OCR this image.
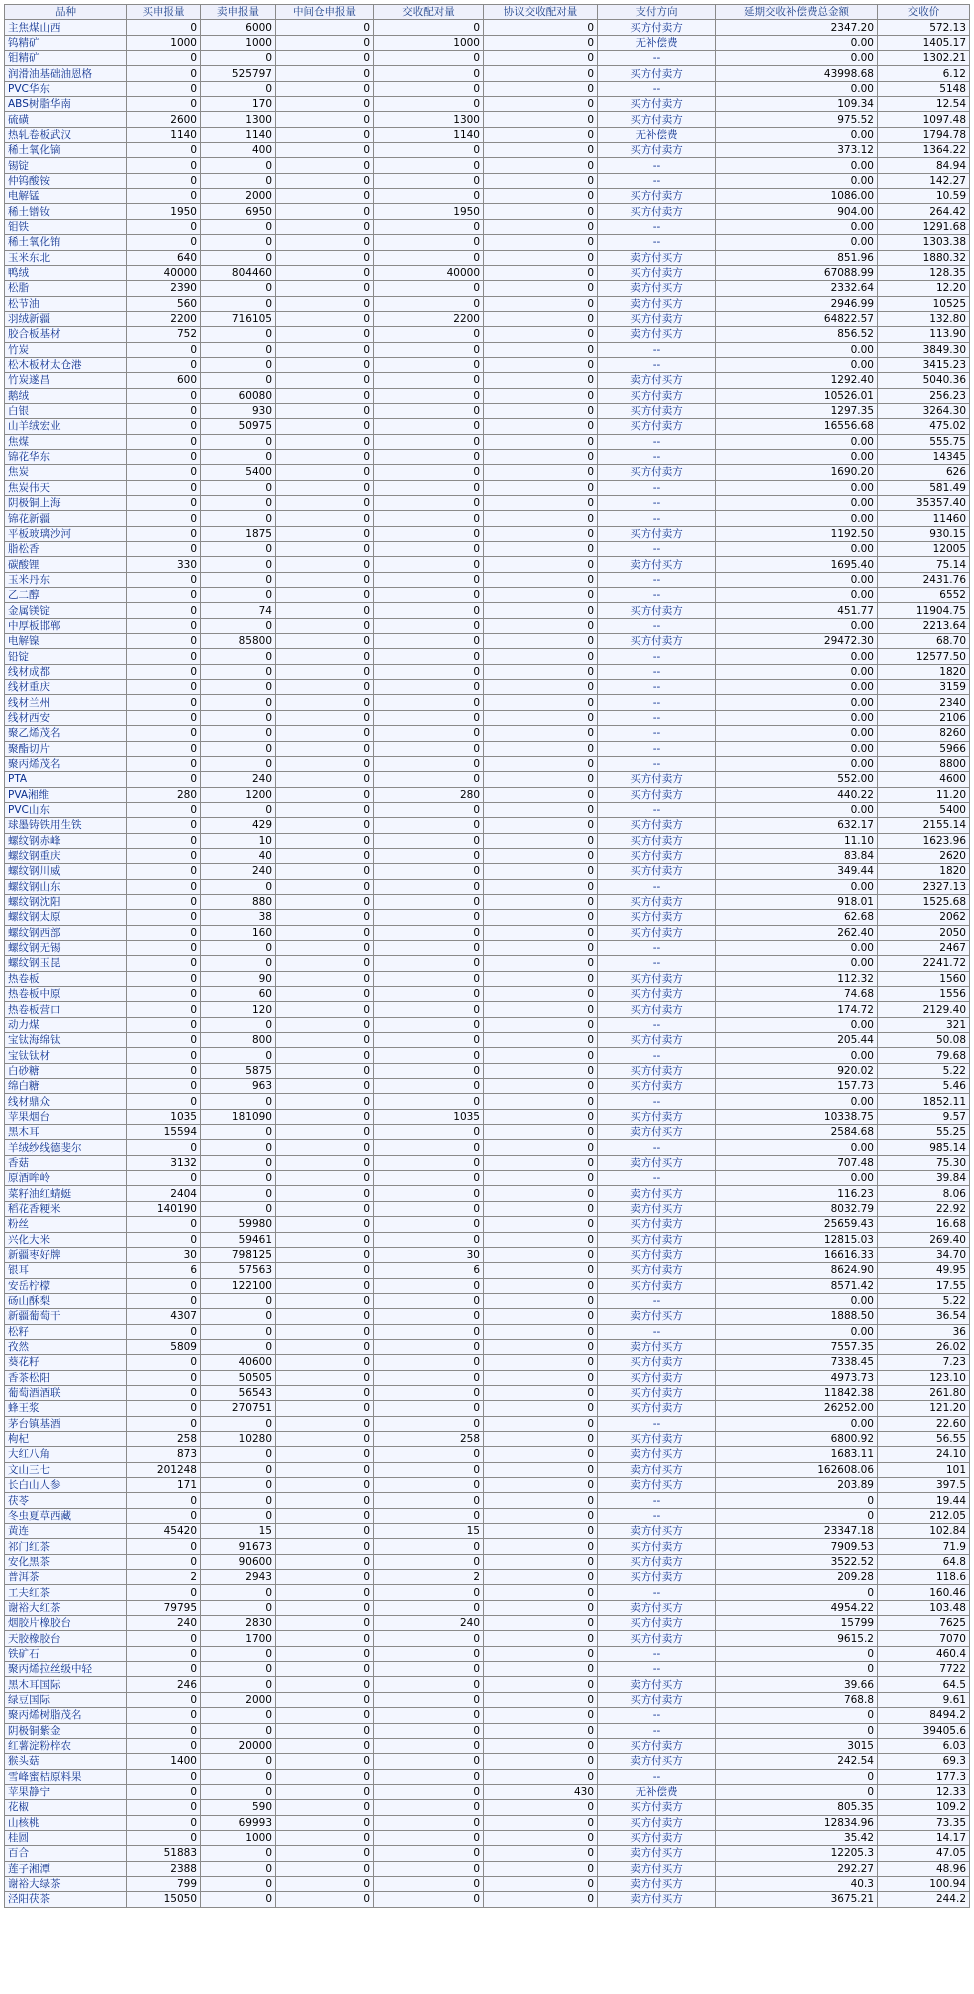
品种	买申报量	卖申报量	中间仓申报量	交收配对量	协议交收配对量	支付方向	延期交收补偿费总金额	交收价
主焦煤山西	0	6000	0	0	0	买方付卖方	2347.20	572.13
钨精矿	1000	1000	0	1000	0	无补偿费	0.00	1405.17
钼精矿	0	0	0	0	0	--	0.00	1302.21
润滑油基础油恩格	0	525797	0	0	0	买方付卖方	43998.68	6.12
PVC华东	0	0	0	0	0	--	0.00	5148
ABS树脂华南	0	170	0	0	0	买方付卖方	109.34	12.54
硫磺	2600	1300	0	1300	0	买方付卖方	975.52	1097.48
热轧卷板武汉	1140	1140	0	1140	0	无补偿费	0.00	1794.78
稀土氧化镝	0	400	0	0	0	买方付卖方	373.12	1364.22
锡锭	0	0	0	0	0	--	0.00	84.94
仲钨酸铵	0	0	0	0	0	--	0.00	142.27
电解锰	0	2000	0	0	0	买方付卖方	1086.00	10.59
稀土镨钕	1950	6950	0	1950	0	买方付卖方	904.00	264.42
钼铁	0	0	0	0	0	--	0.00	1291.68
稀土氧化铕	0	0	0	0	0	--	0.00	1303.38
玉米东北	640	0	0	0	0	卖方付买方	851.96	1880.32
鸭绒	40000	804460	0	40000	0	买方付卖方	67088.99	128.35
松脂	2390	0	0	0	0	卖方付买方	2332.64	12.20
松节油	560	0	0	0	0	卖方付买方	2946.99	10525
羽绒新疆	2200	716105	0	2200	0	买方付卖方	64822.57	132.80
胶合板基材	752	0	0	0	0	卖方付买方	856.52	113.90
竹炭	0	0	0	0	0	--	0.00	3849.30
松木板材太仓港	0	0	0	0	0	--	0.00	3415.23
竹炭遂昌	600	0	0	0	0	卖方付买方	1292.40	5040.36
鹅绒	0	60080	0	0	0	买方付卖方	10526.01	256.23
白银	0	930	0	0	0	买方付卖方	1297.35	3264.30
山羊绒宏业	0	50975	0	0	0	买方付卖方	16556.68	475.02
焦煤	0	0	0	0	0	--	0.00	555.75
锦花华东	0	0	0	0	0	--	0.00	14345
焦炭	0	5400	0	0	0	买方付卖方	1690.20	626
焦炭伟天	0	0	0	0	0	--	0.00	581.49
阴极铜上海	0	0	0	0	0	--	0.00	35357.40
锦花新疆	0	0	0	0	0	--	0.00	11460
平板玻璃沙河	0	1875	0	0	0	买方付卖方	1192.50	930.15
脂松香	0	0	0	0	0	--	0.00	12005
碳酸锂	330	0	0	0	0	卖方付买方	1695.40	75.14
玉米丹东	0	0	0	0	0	--	0.00	2431.76
乙二醇	0	0	0	0	0	--	0.00	6552
金属镁锭	0	74	0	0	0	买方付卖方	451.77	11904.75
中厚板邯郸	0	0	0	0	0	--	0.00	2213.64
电解镍	0	85800	0	0	0	买方付卖方	29472.30	68.70
铅锭	0	0	0	0	0	--	0.00	12577.50
线材成都	0	0	0	0	0	--	0.00	1820
线材重庆	0	0	0	0	0	--	0.00	3159
线材兰州	0	0	0	0	0	--	0.00	2340
线材西安	0	0	0	0	0	--	0.00	2106
聚乙烯茂名	0	0	0	0	0	--	0.00	8260
聚酯切片	0	0	0	0	0	--	0.00	5966
聚丙烯茂名	0	0	0	0	0	--	0.00	8800
PTA	0	240	0	0	0	买方付卖方	552.00	4600
PVA湘维	280	1200	0	280	0	买方付卖方	440.22	11.20
PVC山东	0	0	0	0	0	--	0.00	5400
球墨铸铁用生铁	0	429	0	0	0	买方付卖方	632.17	2155.14
螺纹钢赤峰	0	10	0	0	0	买方付卖方	11.10	1623.96
螺纹钢重庆	0	40	0	0	0	买方付卖方	83.84	2620
螺纹钢川威	0	240	0	0	0	买方付卖方	349.44	1820
螺纹钢山东	0	0	0	0	0	--	0.00	2327.13
螺纹钢沈阳	0	880	0	0	0	买方付卖方	918.01	1525.68
螺纹钢太原	0	38	0	0	0	买方付卖方	62.68	2062
螺纹钢西部	0	160	0	0	0	买方付卖方	262.40	2050
螺纹钢无锡	0	0	0	0	0	--	0.00	2467
螺纹钢玉昆	0	0	0	0	0	--	0.00	2241.72
热卷板	0	90	0	0	0	买方付卖方	112.32	1560
热卷板中原	0	60	0	0	0	买方付卖方	74.68	1556
热卷板营口	0	120	0	0	0	买方付卖方	174.72	2129.40
动力煤	0	0	0	0	0	--	0.00	321
宝钛海绵钛	0	800	0	0	0	买方付卖方	205.44	50.08
宝钛钛材	0	0	0	0	0	--	0.00	79.68
白砂糖	0	5875	0	0	0	买方付卖方	920.02	5.22
绵白糖	0	963	0	0	0	买方付卖方	157.73	5.46
线材鼎众	0	0	0	0	0	--	0.00	1852.11
苹果烟台	1035	181090	0	1035	0	买方付卖方	10338.75	9.57
黑木耳	15594	0	0	0	0	卖方付买方	2584.68	55.25
羊绒纱线德斐尔	0	0	0	0	0	--	0.00	985.14
香菇	3132	0	0	0	0	卖方付买方	707.48	75.30
原酒哞岭	0	0	0	0	0	--	0.00	39.84
菜籽油红蜻蜓	2404	0	0	0	0	卖方付买方	116.23	8.06
稻花香粳米	140190	0	0	0	0	卖方付买方	8032.79	22.92
粉丝	0	59980	0	0	0	买方付卖方	25659.43	16.68
兴化大米	0	59461	0	0	0	买方付卖方	12815.03	269.40
新疆枣好牌	30	798125	0	30	0	买方付卖方	16616.33	34.70
银耳	6	57563	0	6	0	买方付卖方	8624.90	49.95
安岳柠檬	0	122100	0	0	0	买方付卖方	8571.42	17.55
砀山酥梨	0	0	0	0	0	--	0.00	5.22
新疆葡萄干	4307	0	0	0	0	卖方付买方	1888.50	36.54
松籽	0	0	0	0	0	--	0.00	36
孜然	5809	0	0	0	0	卖方付买方	7557.35	26.02
葵花籽	0	40600	0	0	0	买方付卖方	7338.45	7.23
香茶松阳	0	50505	0	0	0	买方付卖方	4973.73	123.10
葡萄酒酒联	0	56543	0	0	0	买方付卖方	11842.38	261.80
蜂王浆	0	270751	0	0	0	买方付卖方	26252.00	121.20
茅台镇基酒	0	0	0	0	0	--	0.00	22.60
枸杞	258	10280	0	258	0	买方付卖方	6800.92	56.55
大红八角	873	0	0	0	0	卖方付买方	1683.11	24.10
文山三七	201248	0	0	0	0	卖方付买方	162608.06	101
长白山人参	171	0	0	0	0	卖方付买方	203.89	397.5
茯苓	0	0	0	0	0	--	0	19.44
冬虫夏草西藏	0	0	0	0	0	--	0	212.05
黄连	45420	15	0	15	0	卖方付买方	23347.18	102.84
祁门红茶	0	91673	0	0	0	买方付卖方	7909.53	71.9
安化黑茶	0	90600	0	0	0	买方付卖方	3522.52	64.8
普洱茶	2	2943	0	2	0	买方付卖方	209.28	118.6
工夫红茶	0	0	0	0	0	--	0	160.46
谢裕大红茶	79795	0	0	0	0	卖方付买方	4954.22	103.48
烟胶片橡胶台	240	2830	0	240	0	买方付卖方	15799	7625
天胶橡胶台	0	1700	0	0	0	买方付卖方	9615.2	7070
铁矿石	0	0	0	0	0	--	0	460.4
聚丙烯拉丝级中轻	0	0	0	0	0	--	0	7722
黑木耳国际	246	0	0	0	0	卖方付买方	39.66	64.5
绿豆国际	0	2000	0	0	0	买方付卖方	768.8	9.61
聚丙烯树脂茂名	0	0	0	0	0	--	0	8494.2
阴极铜紫金	0	0	0	0	0	--	0	39405.6
红薯淀粉梓农	0	20000	0	0	0	买方付卖方	3015	6.03
猴头菇	1400	0	0	0	0	卖方付买方	242.54	69.3
雪峰蜜桔原料果	0	0	0	0	0	--	0	177.3
苹果静宁	0	0	0	0	430	无补偿费	0	12.33
花椒	0	590	0	0	0	买方付卖方	805.35	109.2
山核桃	0	69993	0	0	0	买方付卖方	12834.96	73.35
桂圆	0	1000	0	0	0	买方付卖方	35.42	14.17
百合	51883	0	0	0	0	卖方付买方	12205.3	47.05
莲子湘潭	2388	0	0	0	0	卖方付买方	292.27	48.96
谢裕大绿茶	799	0	0	0	0	卖方付买方	40.3	100.94
泾阳茯茶	15050	0	0	0	0	卖方付买方	3675.21	244.2
